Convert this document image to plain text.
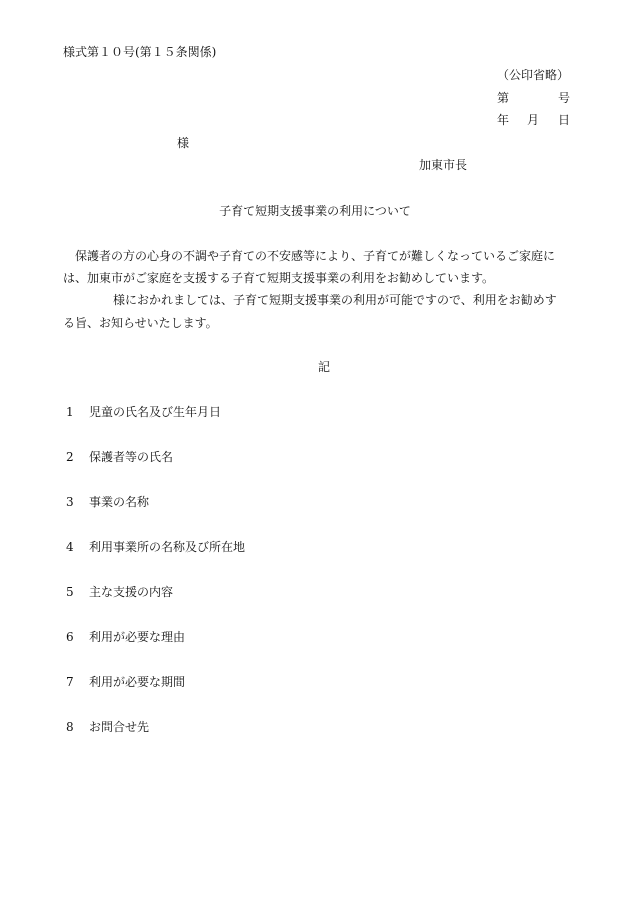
様式第１０号(第１５条関係)
（公印省略）
第	号
年 月 日
様
加東市長
子育て短期支援事業の利用について
保護者の方の心身の不調や子育ての不安感等により、子育てが難しくなっているご家庭に
は、加東市がご家庭を支援する子育て短期支援事業の利用をお勧めしています。
様におかれましては、子育て短期支援事業の利用が可能ですので、利用をお勧めす
る旨、お知らせいたします。
記
1 児童の氏名及び生年月日
2 保護者等の氏名
3 事業の名称
4 利用事業所の名称及び所在地
5 主な支援の内容
6 利用が必要な理由
7 利用が必要な期間
8 お問合せ先
